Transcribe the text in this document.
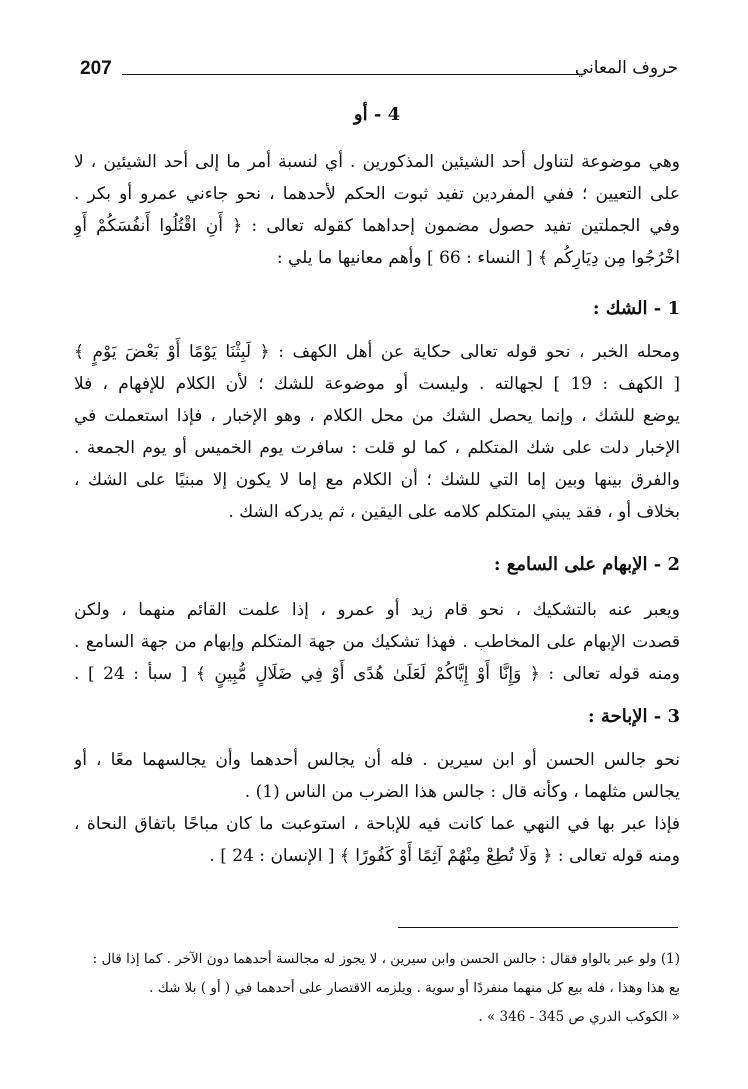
207	حروف المعاني
4 - أو
وهي موضوعة لتناول أحد الشيئين المذكورين . أي لنسبة أمر ما إلى أحد الشيئين ، لا
على التعيين ؛ ففي المفردين تفيد ثبوت الحكم لأحدهما ، نحو جاءني عمرو أو بكر .
وفي الجملتين تفيد حصول مضمون إحداهما كقوله تعالى : ﴿ أَنِ اقْتُلُوا أَنفُسَكُمْ أَوِ
اخْرُجُوا مِن دِيَارِكُم ﴾ [ النساء : 66 ] وأهم معانيها ما يلي :
1 - الشك :
ومحله الخبر ، نحو قوله تعالى حكاية عن أهل الكهف : ﴿ لَبِثْنَا يَوْمًا أَوْ بَعْضَ يَوْمٍ ﴾
[ الكهف : 19 ] لجهالته . وليست أو موضوعة للشك ؛ لأن الكلام للإفهام ، فلا
يوضع للشك ، وإنما يحصل الشك من محل الكلام ، وهو الإخبار ، فإذا استعملت في
الإخبار دلت على شك المتكلم ، كما لو قلت : سافرت يوم الخميس أو يوم الجمعة .
والفرق بينها وبين إما التي للشك ؛ أن الكلام مع إما لا يكون إلا مبنيًا على الشك ،
بخلاف أو ، فقد يبني المتكلم كلامه على اليقين ، ثم يدركه الشك .
2 - الإبهام على السامع :
ويعبر عنه بالتشكيك ، نحو قام زيد أو عمرو ، إذا علمت القائم منهما ، ولكن
قصدت الإبهام على المخاطب . فهذا تشكيك من جهة المتكلم وإبهام من جهة السامع .
ومنه قوله تعالى : ﴿ وَإِنَّا أَوْ إِيَّاكُمْ لَعَلَىٰ هُدًى أَوْ فِي ضَلَالٍ مُّبِينٍ ﴾ [ سبأ : 24 ] .
3 - الإباحة :
نحو جالس الحسن أو ابن سيرين . فله أن يجالس أحدهما وأن يجالسهما معًا ، أو
يجالس مثلهما ، وكأنه قال : جالس هذا الضرب من الناس (1) .
فإذا عبر بها في النهي عما كانت فيه للإباحة ، استوعبت ما كان مباحًا باتفاق النحاة ،
ومنه قوله تعالى : ﴿ وَلَا تُطِعْ مِنْهُمْ آثِمًا أَوْ كَفُورًا ﴾ [ الإنسان : 24 ] .
(1) ولو عبر بالواو فقال : جالس الحسن وابن سيرين ، لا يجوز له مجالسة أحدهما دون الآخر . كما إذا قال :
بع هذا وهذا ، فله بيع كل منهما منفردًا أو سوية . ويلزمه الاقتصار على أحدهما في ( أو ) بلا شك .
« الكوكب الدري ص 345 - 346 » .
